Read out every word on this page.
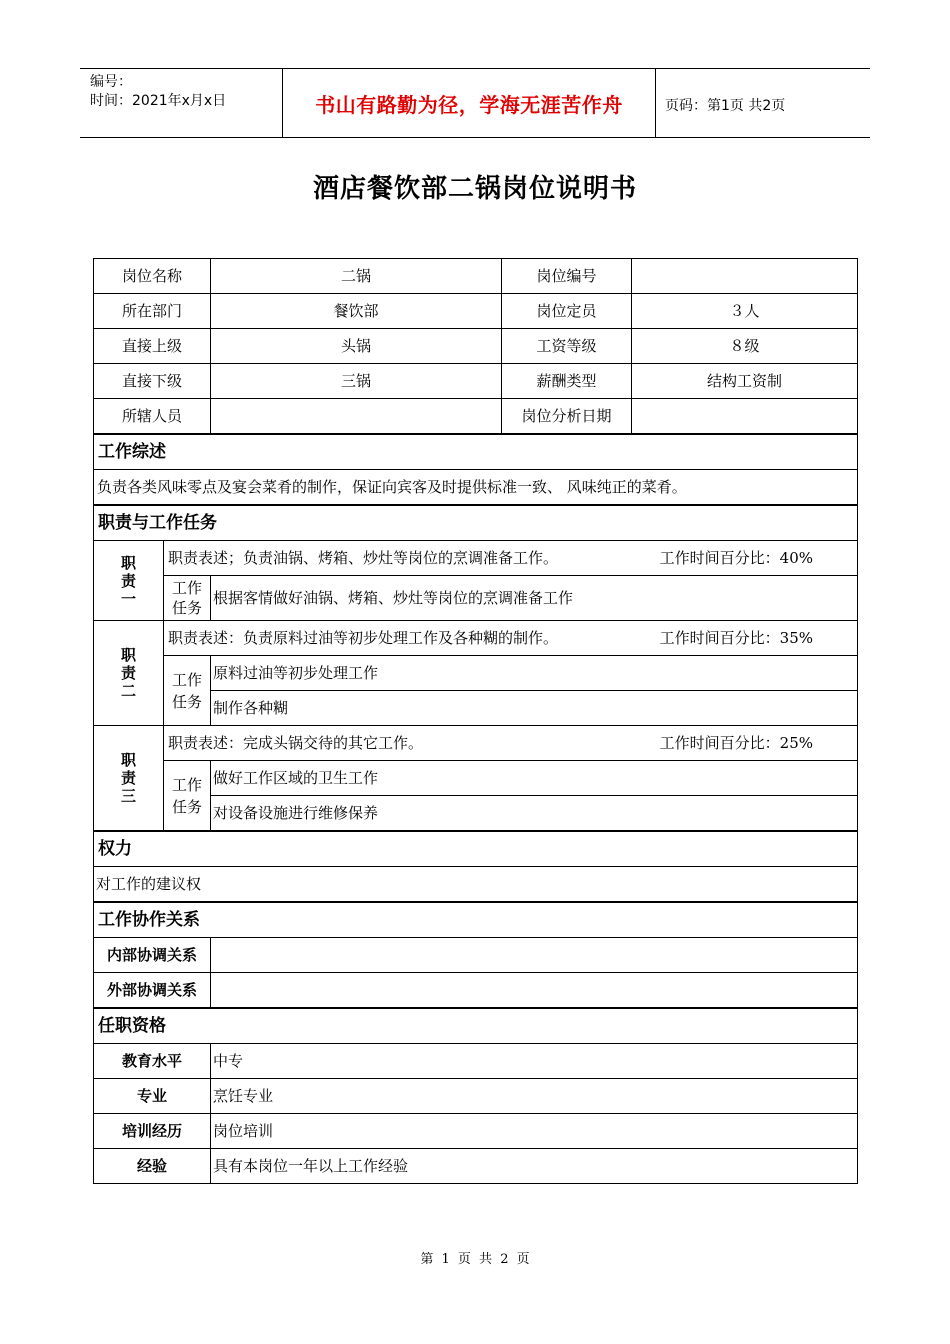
编号：
时间：2021年x月x日	书山有路勤为径，学海无涯苦作舟	页码：第1页 共2页
酒店餐饮部二锅岗位说明书
岗位名称		二锅	岗位编号	
所在部门		餐饮部	岗位定员	３人
直接上级		头锅	工资等级	８级
直接下级		三锅	薪酬类型	结构工资制
所辖人员			岗位分析日期	
工作综述				
负责各类风味零点及宴会菜肴的制作，保证向宾客及时提供标准一致、 风味纯正的菜肴。				
职责与工作任务				
职责一	职责表述；负责油锅、烤箱、炒灶等岗位的烹调准备工作。 工作时间百分比：40%			

	工作任务	根据客情做好油锅、烤箱、炒灶等岗位的烹调准备工作		
职责二	职责表述：负责原料过油等初步处理工作及各种糊的制作。 工作时间百分比：35%			

	工作任务	原料过油等初步处理工作		
		制作各种糊		
职责三	职责表述：完成头锅交待的其它工作。 工作时间百分比：25%			

	工作任务	做好工作区域的卫生工作		
		对设备设施进行维修保养		
权力				
对工作的建议权				
工作协作关系				
内部协调关系				
外部协调关系				
任职资格				
教育水平		中专		
专业		烹饪专业		
培训经历		岗位培训		
经验		具有本岗位一年以上工作经验		
第 1 页 共 2 页
